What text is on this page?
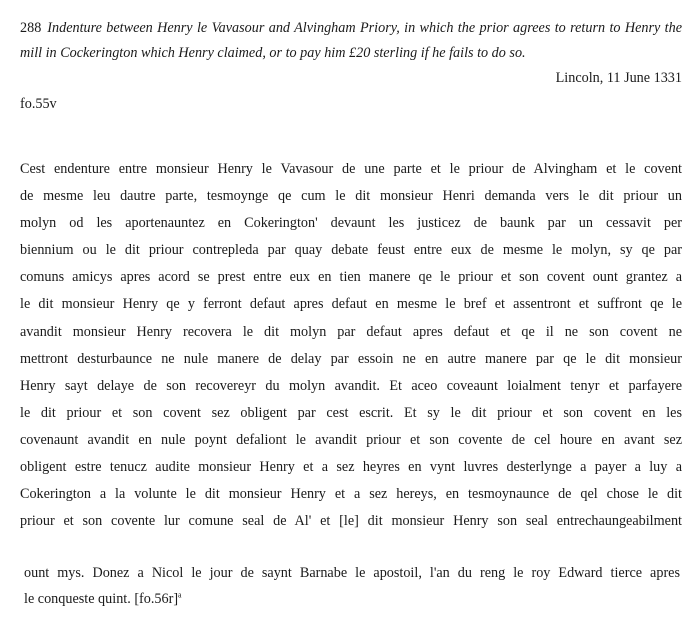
288 Indenture between Henry le Vavasour and Alvingham Priory, in which the prior agrees to return to Henry the mill in Cockerington which Henry claimed, or to pay him £20 sterling if he fails to do so.
Lincoln, 11 June 1331
fo.55v
Cest endenture entre monsieur Henry le Vavasour de une parte et le priour de Alvingham et le covent
de mesme leu dautre parte, tesmoynge qe cum le dit monsieur Henri demanda vers le dit priour un
molyn od les aportenauntez en Cokerington' devaunt les justicez de baunk par un cessavit per
biennium ou le dit priour contrepleda par quay debate feust entre eux de mesme le molyn, sy qe par
comuns amicys apres acord se prest entre eux en tien manere qe le priour et son covent ount grantez a
le dit monsieur Henry qe y ferront defaut apres defaut en mesme le bref et assentront et suffront qe le
avandit monsieur Henry recovera le dit molyn par defaut apres defaut et qe il ne son covent ne
mettront desturbaunce ne nule manere de delay par essoin ne en autre manere par qe le dit monsieur
Henry sayt delaye de son recovereyr du molyn avandit. Et aceo coveaunt loialment tenyr et parfayere
le dit priour et son covent sez obligent par cest escrit. Et sy le dit priour et son covent en les
covenaunt avandit en nule poynt defaliont le avandit priour et son covente de cel houre en avant sez
obligent estre tenucz audite monsieur Henry et a sez heyres en vynt luvres desterlynge a payer a luy a
Cokerington a la volunte le dit monsieur Henry et a sez hereys, en tesmoynaunce de qel chose le dit
priour et son covente lur comune seal de Al' et [le] dit monsieur Henry son seal entrechaungeabilment
ount mys. Donez a Nicol le jour de saynt Barnabe le apostoil, l'an du reng le roy Edward tierce apres
le conqueste quint. [fo.56r]$^a$
